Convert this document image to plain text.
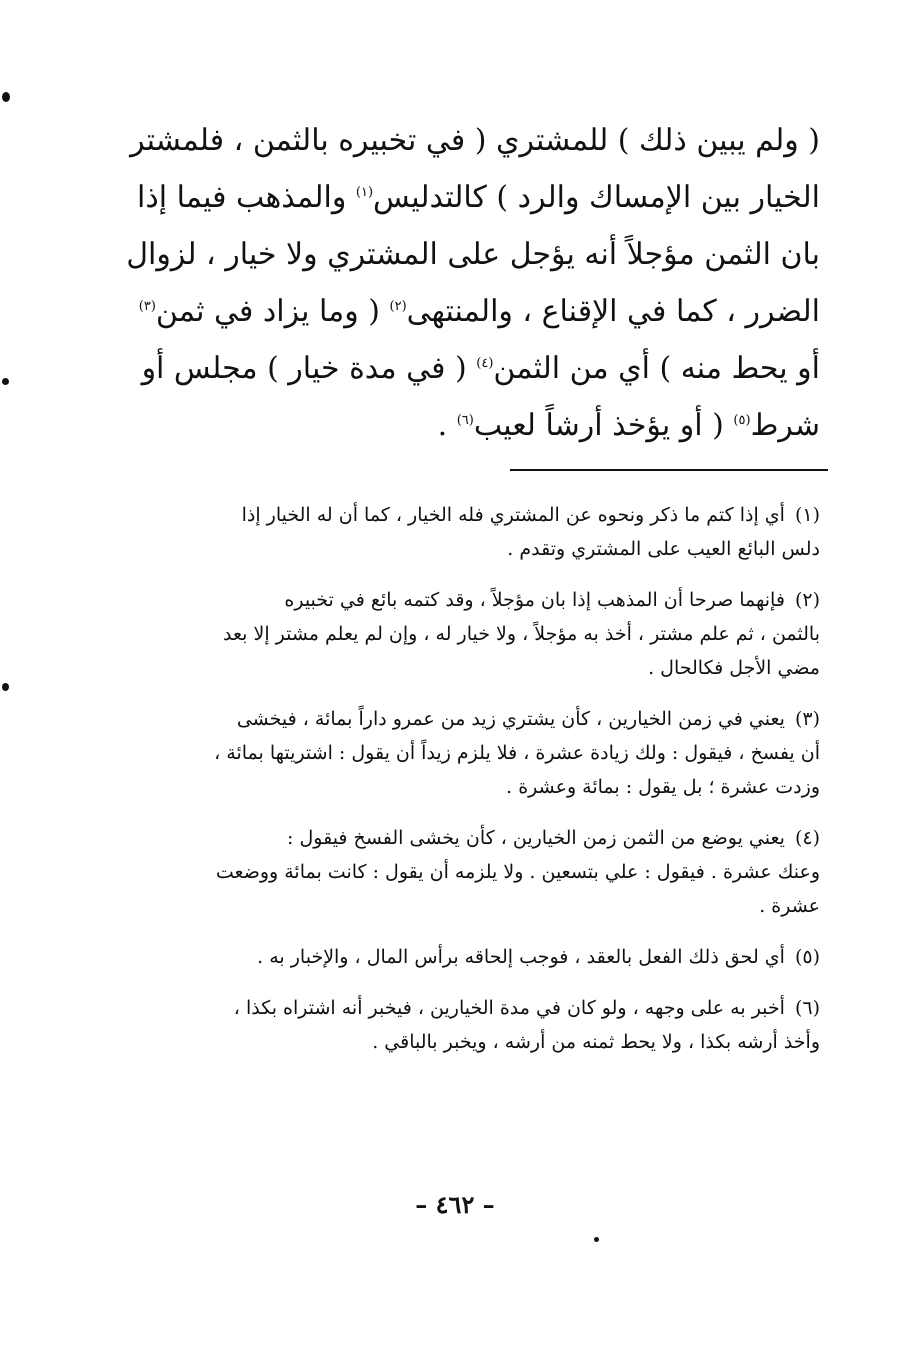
( ولم يبين ذلك ) للمشتري ( في تخبيره بالثمن ، فلمشتر
الخيار بين الإمساك والرد ) كالتدليس$^{(١)}$ والمذهب فيما إذا
بان الثمن مؤجلاً أنه يؤجل على المشتري ولا خيار ، لزوال
الضرر ، كما في الإقناع ، والمنتهى$^{(٢)}$ ( وما يزاد في ثمن$^{(٣)}$
أو يحط منه ) أي من الثمن$^{(٤)}$ ( في مدة خيار ) مجلس أو
شرط$^{(٥)}$ ( أو يؤخذ أرشاً لعيب$^{(٦)}$ .
(١)أي إذا كتم ما ذكر ونحوه عن المشتري فله الخيار ، كما أن له الخيار إذا
دلس البائع العيب على المشتري وتقدم .
(٢)فإنهما صرحا أن المذهب إذا بان مؤجلاً ، وقد كتمه بائع في تخبيره
بالثمن ، ثم علم مشتر ، أخذ به مؤجلاً ، ولا خيار له ، وإن لم يعلم مشتر إلا بعد
مضي الأجل فكالحال .
(٣)يعني في زمن الخيارين ، كأن يشتري زيد من عمرو داراً بمائة ، فيخشى
أن يفسخ ، فيقول : ولك زيادة عشرة ، فلا يلزم زيداً أن يقول : اشتريتها بمائة ،
وزدت عشرة ؛ بل يقول : بمائة وعشرة .
(٤)يعني يوضع من الثمن زمن الخيارين ، كأن يخشى الفسخ فيقول :
وعنك عشرة . فيقول : علي بتسعين . ولا يلزمه أن يقول : كانت بمائة ووضعت
عشرة .
(٥)أي لحق ذلك الفعل بالعقد ، فوجب إلحاقه برأس المال ، والإخبار به .
(٦)أخبر به على وجهه ، ولو كان في مدة الخيارين ، فيخبر أنه اشتراه بكذا ،
وأخذ أرشه بكذا ، ولا يحط ثمنه من أرشه ، ويخبر بالباقي .
– ٤٦٢ –
